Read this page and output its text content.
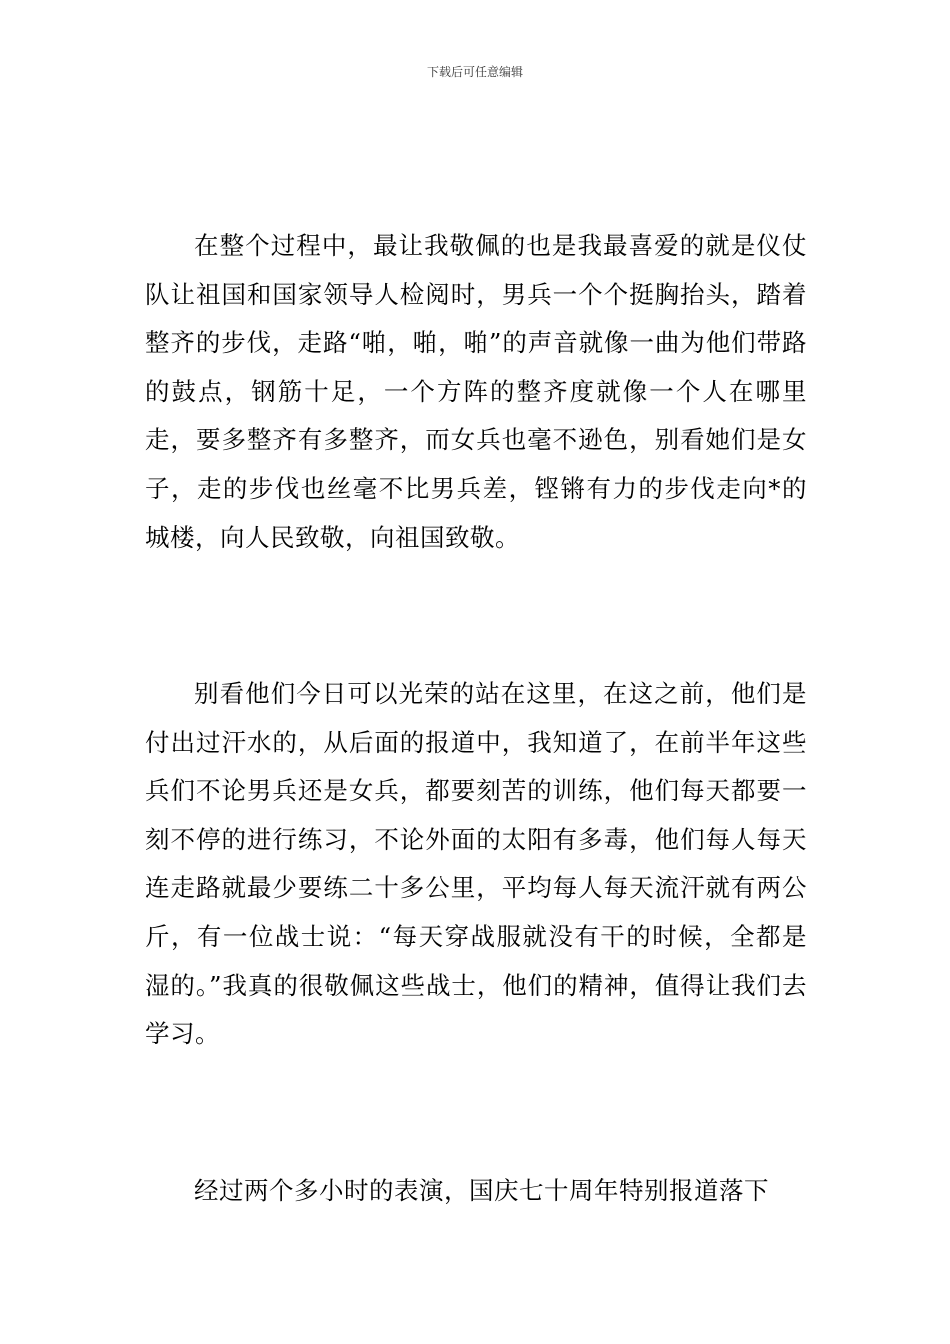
下载后可任意编辑

在整个过程中，最让我敬佩的也是我最喜爱的就是仪仗队让祖国和国家领导人检阅时，男兵一个个挺胸抬头，踏着整齐的步伐，走路“啪，啪，啪”的声音就像一曲为他们带路的鼓点，钢筋十足，一个方阵的整齐度就像一个人在哪里走，要多整齐有多整齐，而女兵也毫不逊色，别看她们是女子，走的步伐也丝毫不比男兵差，铿锵有力的步伐走向*的城楼，向人民致敬，向祖国致敬。

别看他们今日可以光荣的站在这里，在这之前，他们是付出过汗水的，从后面的报道中，我知道了，在前半年这些兵们不论男兵还是女兵，都要刻苦的训练，他们每天都要一刻不停的进行练习，不论外面的太阳有多毒，他们每人每天连走路就最少要练二十多公里，平均每人每天流汗就有两公斤，有一位战士说：“每天穿战服就没有干的时候，全都是湿的。”我真的很敬佩这些战士，他们的精神，值得让我们去学习。

经过两个多小时的表演，国庆七十周年特别报道落下
